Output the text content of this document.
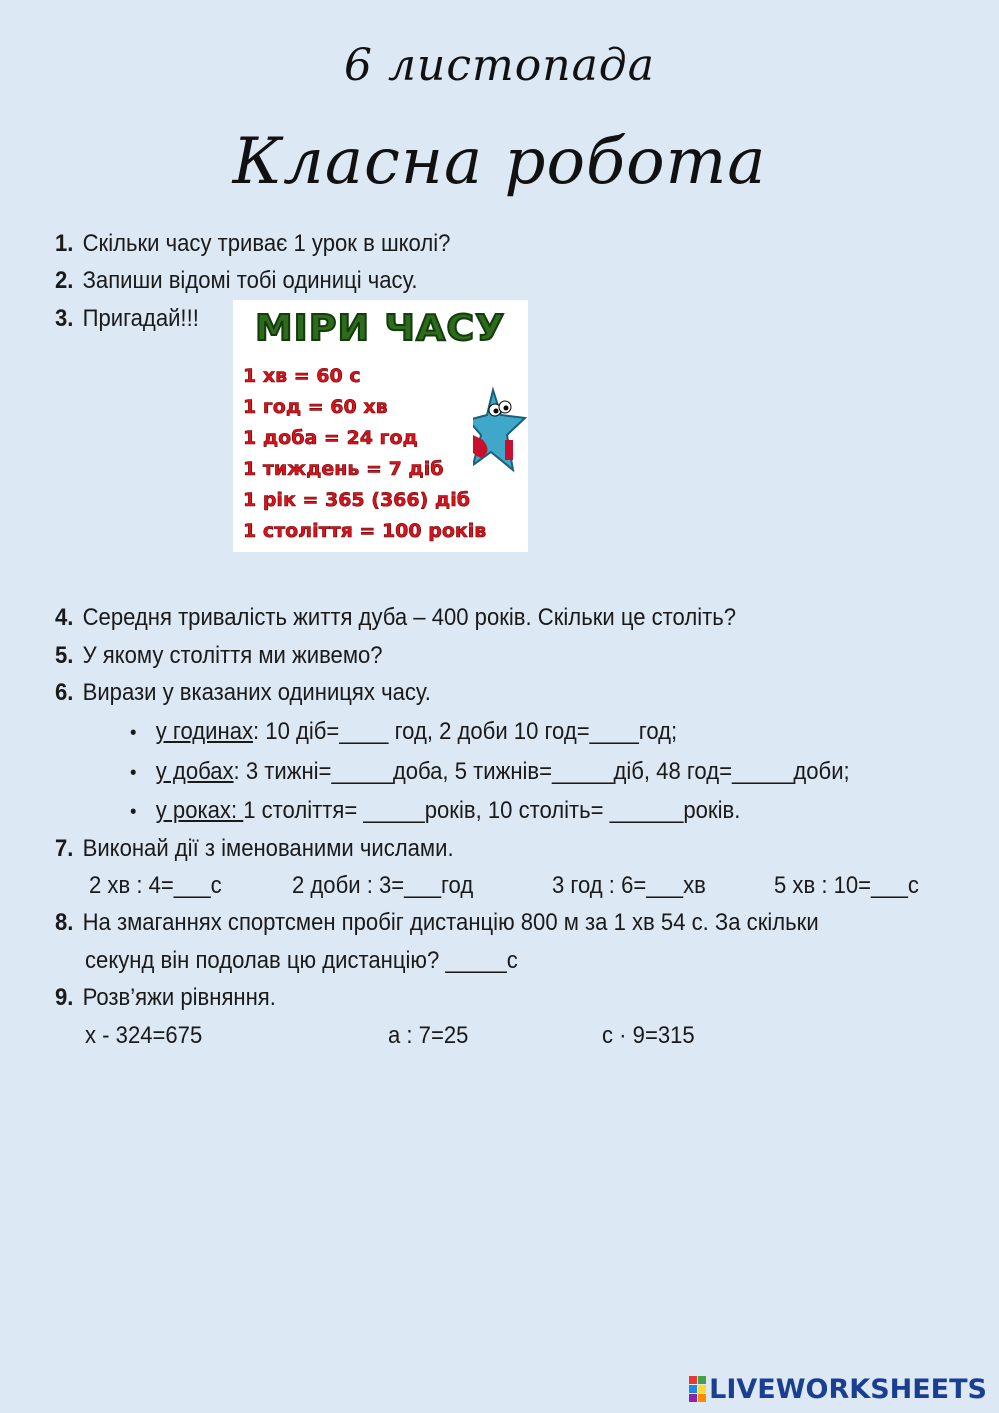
6 листопада
Класна робота
1. Скільки часу триває 1 урок в школі?
2. Запиши відомі тобі одиниці часу.
3. Пригадай!!! МІРИ ЧАСУ
1 хв = 60 с
1 год = 60 хв
1 доба = 24 год
1 тиждень = 7 діб
1 рік = 365 (366) діб
1 століття = 100 років
4. Середня тривалість життя дуба – 400 років. Скільки це століть?
5. У якому століття ми живемо?
6. Вирази у вказаних одиницях часу.
• у годинах: 10 діб=____ год, 2 доби 10 год=____год;
• у добах: 3 тижні=_____доба, 5 тижнів=_____діб, 48 год=_____доби;
• у роках: 1 століття= _____років, 10 століть= ______років.
7. Виконай дії з іменованими числами.
2 хв : 4=___с	2 доби : 3=___год	3 год : 6=___хв	5 хв : 10=___с
8. На змаганнях спортсмен пробіг дистанцію 800 м за 1 хв 54 с. За скільки
секунд він подолав цю дистанцію? _____с
9. Розв’яжи рівняння.
х - 324=675	а : 7=25	с · 9=315
LIVEWORKSHEETS
